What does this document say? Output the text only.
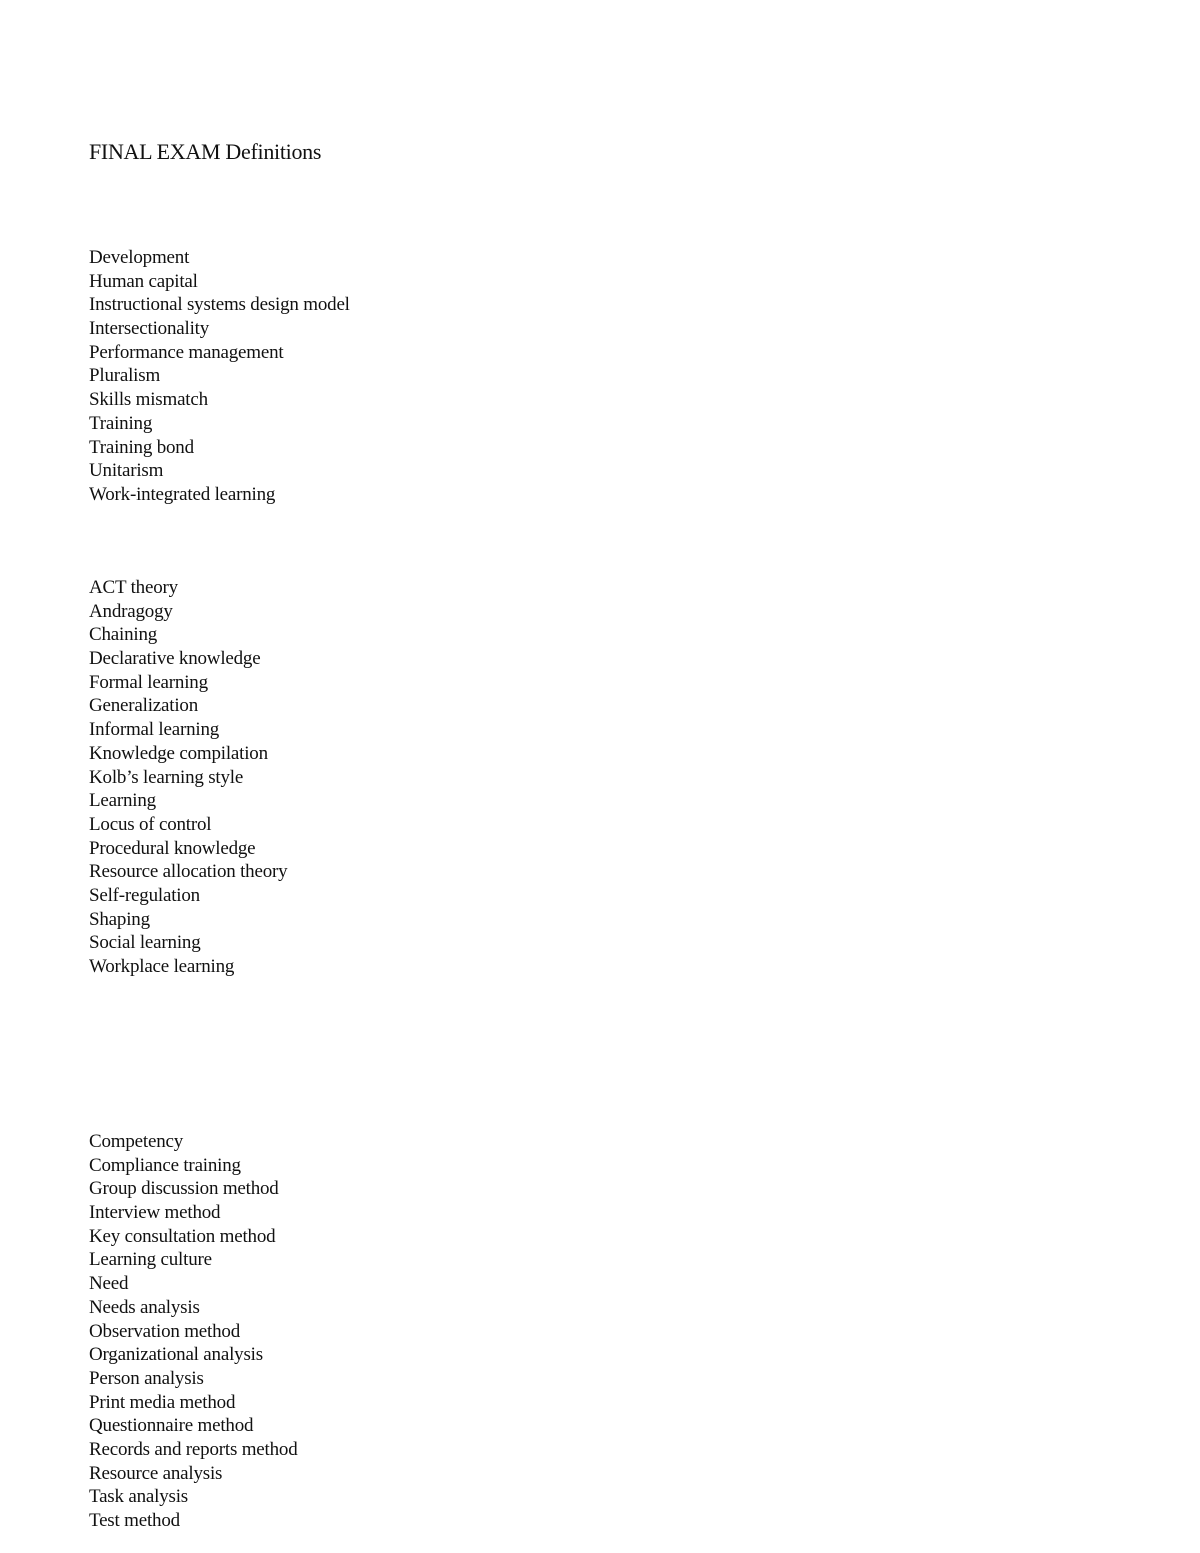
FINAL EXAM Definitions
Development
Human capital
Instructional systems design model
Intersectionality
Performance management
Pluralism
Skills mismatch
Training
Training bond
Unitarism
Work-integrated learning
ACT theory
Andragogy
Chaining
Declarative knowledge
Formal learning
Generalization
Informal learning
Knowledge compilation
Kolb’s learning style
Learning
Locus of control
Procedural knowledge
Resource allocation theory
Self-regulation
Shaping
Social learning
Workplace learning
Competency
Compliance training
Group discussion method
Interview method
Key consultation method
Learning culture
Need
Needs analysis
Observation method
Organizational analysis
Person analysis
Print media method
Questionnaire method
Records and reports method
Resource analysis
Task analysis
Test method
